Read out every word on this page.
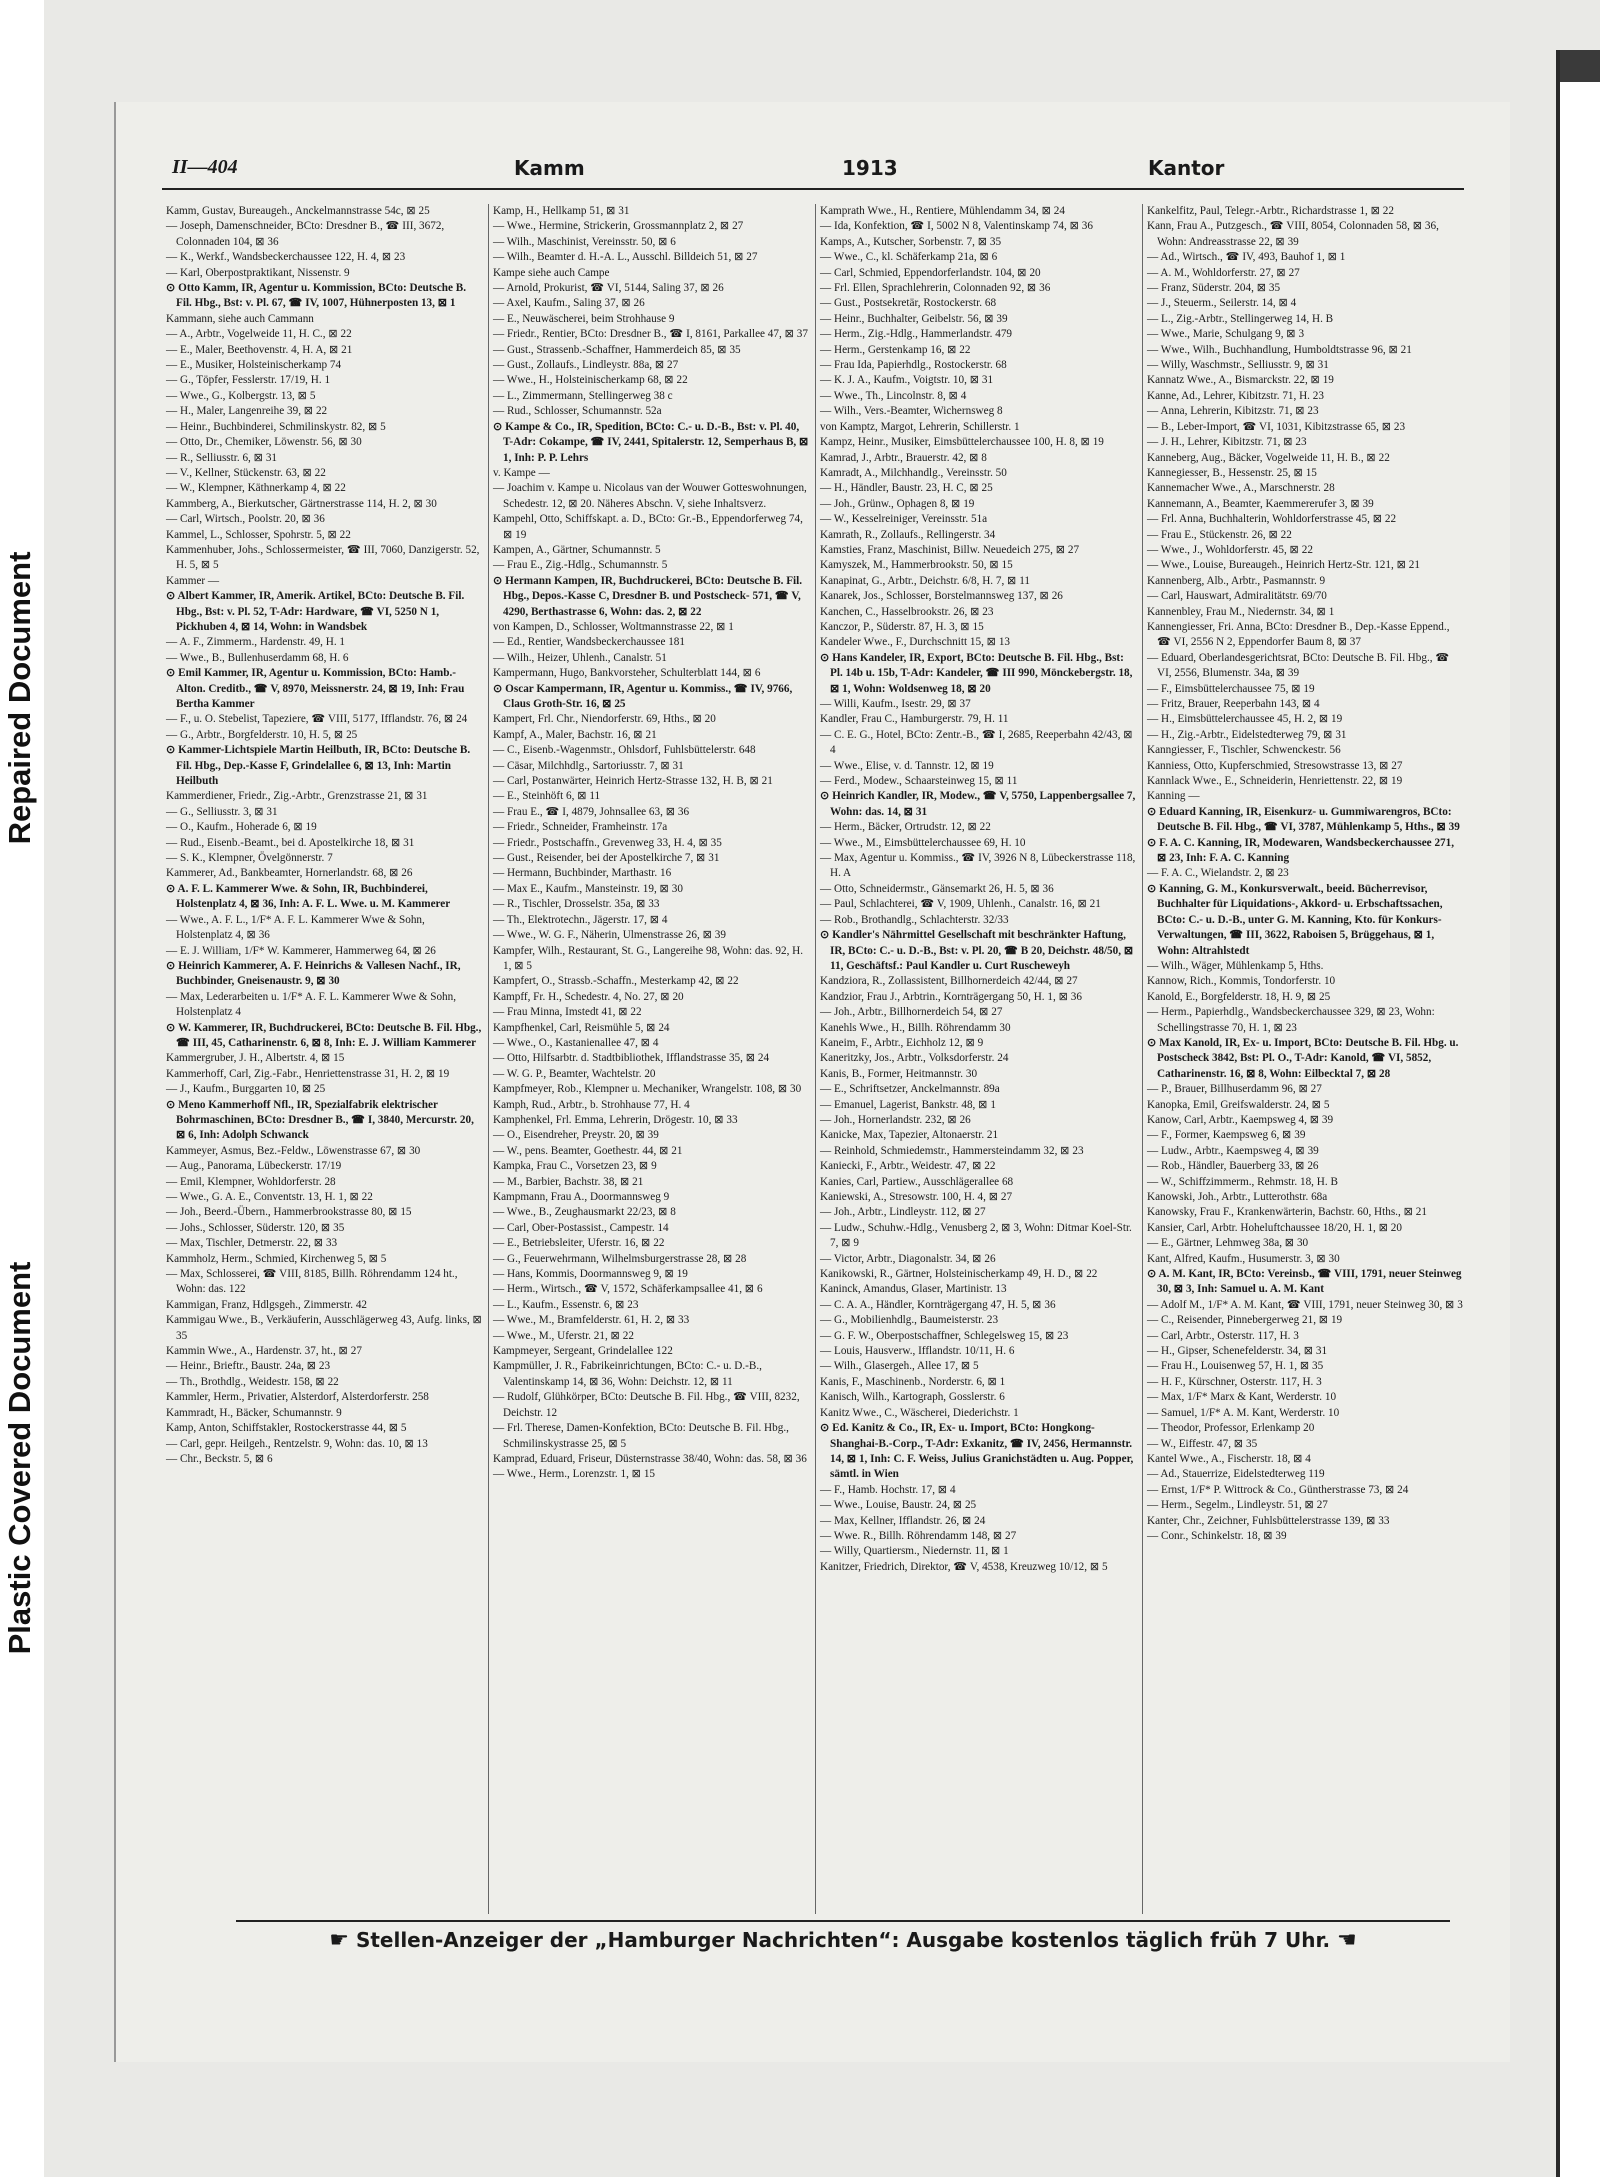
Repaired Document
Plastic Covered Document
II—404	Kamm	1913	Kantor

Kamm, Gustav, Bureaugeh., Anckelmannstrasse 54c, ⊠ 25

— Joseph, Damenschneider, BCto: Dresdner B., ☎ III, 3672, Colonnaden 104, ⊠ 36

— K., Werkf., Wandsbeckerchaussee 122, H. 4, ⊠ 23

— Karl, Oberpostpraktikant, Nissenstr. 9

⊙ Otto Kamm, IR, Agentur u. Kommission, BCto: Deutsche B. Fil. Hbg., Bst: v. Pl. 67, ☎ IV, 1007, Hühnerposten 13, ⊠ 1

Kammann, siehe auch Cammann

— A., Arbtr., Vogelweide 11, H. C., ⊠ 22

— E., Maler, Beethovenstr. 4, H. A, ⊠ 21

— E., Musiker, Holsteinischerkamp 74

— G., Töpfer, Fesslerstr. 17/19, H. 1

— Wwe., G., Kolbergstr. 13, ⊠ 5

— H., Maler, Langenreihe 39, ⊠ 22

— Heinr., Buchbinderei, Schmilinskystr. 82, ⊠ 5

— Otto, Dr., Chemiker, Löwenstr. 56, ⊠ 30

— R., Selliusstr. 6, ⊠ 31

— V., Kellner, Stückenstr. 63, ⊠ 22

— W., Klempner, Käthnerkamp 4, ⊠ 22

Kammberg, A., Bierkutscher, Gärtnerstrasse 114, H. 2, ⊠ 30

— Carl, Wirtsch., Poolstr. 20, ⊠ 36

Kammel, L., Schlosser, Spohrstr. 5, ⊠ 22

Kammenhuber, Johs., Schlossermeister, ☎ III, 7060, Danzigerstr. 52, H. 5, ⊠ 5

Kammer —

⊙ Albert Kammer, IR, Amerik. Artikel, BCto: Deutsche B. Fil. Hbg., Bst: v. Pl. 52, T-Adr: Hardware, ☎ VI, 5250 N 1, Pickhuben 4, ⊠ 14, Wohn: in Wandsbek

— A. F., Zimmerm., Hardenstr. 49, H. 1

— Wwe., B., Bullenhuserdamm 68, H. 6

⊙ Emil Kammer, IR, Agentur u. Kommission, BCto: Hamb.-Alton. Creditb., ☎ V, 8970, Meissnerstr. 24, ⊠ 19, Inh: Frau Bertha Kammer

— F., u. O. Stebelist, Tapeziere, ☎ VIII, 5177, Ifflandstr. 76, ⊠ 24

— G., Arbtr., Borgfelderstr. 10, H. 5, ⊠ 25

⊙ Kammer-Lichtspiele Martin Heilbuth, IR, BCto: Deutsche B. Fil. Hbg., Dep.-Kasse F, Grindelallee 6, ⊠ 13, Inh: Martin Heilbuth

Kammerdiener, Friedr., Zig.-Arbtr., Grenzstrasse 21, ⊠ 31

— G., Selliusstr. 3, ⊠ 31

— O., Kaufm., Hoherade 6, ⊠ 19

— Rud., Eisenb.-Beamt., bei d. Apostelkirche 18, ⊠ 31

— S. K., Klempner, Övelgönnerstr. 7

Kammerer, Ad., Bankbeamter, Hornerlandstr. 68, ⊠ 26

⊙ A. F. L. Kammerer Wwe. & Sohn, IR, Buchbinderei, Holstenplatz 4, ⊠ 36, Inh: A. F. L. Wwe. u. M. Kammerer

— Wwe., A. F. L., 1/F* A. F. L. Kammerer Wwe & Sohn, Holstenplatz 4, ⊠ 36

— E. J. William, 1/F* W. Kammerer, Hammerweg 64, ⊠ 26

⊙ Heinrich Kammerer, A. F. Heinrichs & Vallesen Nachf., IR, Buchbinder, Gneisenaustr. 9, ⊠ 30

— Max, Lederarbeiten u. 1/F* A. F. L. Kammerer Wwe & Sohn, Holstenplatz 4

⊙ W. Kammerer, IR, Buchdruckerei, BCto: Deutsche B. Fil. Hbg., ☎ III, 45, Catharinenstr. 6, ⊠ 8, Inh: E. J. William Kammerer

Kammergruber, J. H., Albertstr. 4, ⊠ 15

Kammerhoff, Carl, Zig.-Fabr., Henriettenstrasse 31, H. 2, ⊠ 19

— J., Kaufm., Burggarten 10, ⊠ 25

⊙ Meno Kammerhoff Nfl., IR, Spezialfabrik elektrischer Bohrmaschinen, BCto: Dresdner B., ☎ I, 3840, Mercurstr. 20, ⊠ 6, Inh: Adolph Schwanck

Kammeyer, Asmus, Bez.-Feldw., Löwenstrasse 67, ⊠ 30

— Aug., Panorama, Lübeckerstr. 17/19

— Emil, Klempner, Wohldorferstr. 28

— Wwe., G. A. E., Conventstr. 13, H. 1, ⊠ 22

— Joh., Beerd.-Übern., Hammerbrookstrasse 80, ⊠ 15

— Johs., Schlosser, Süderstr. 120, ⊠ 35

— Max, Tischler, Detmerstr. 22, ⊠ 33

Kammholz, Herm., Schmied, Kirchenweg 5, ⊠ 5

— Max, Schlosserei, ☎ VIII, 8185, Billh. Röhrendamm 124 ht., Wohn: das. 122

Kammigan, Franz, Hdlgsgeh., Zimmerstr. 42

Kammigau Wwe., B., Verkäuferin, Ausschlägerweg 43, Aufg. links, ⊠ 35

Kammin Wwe., A., Hardenstr. 37, ht., ⊠ 27

— Heinr., Brieftr., Baustr. 24a, ⊠ 23

— Th., Brothdlg., Weidestr. 158, ⊠ 22

Kammler, Herm., Privatier, Alsterdorf, Alsterdorferstr. 258

Kammradt, H., Bäcker, Schumannstr. 9

Kamp, Anton, Schiffstakler, Rostockerstrasse 44, ⊠ 5

— Carl, gepr. Heilgeh., Rentzelstr. 9, Wohn: das. 10, ⊠ 13

— Chr., Beckstr. 5, ⊠ 6

Kamp, H., Hellkamp 51, ⊠ 31

— Wwe., Hermine, Strickerin, Grossmannplatz 2, ⊠ 27

— Wilh., Maschinist, Vereinsstr. 50, ⊠ 6

— Wilh., Beamter d. H.-A. L., Ausschl. Billdeich 51, ⊠ 27

Kampe siehe auch Campe

— Arnold, Prokurist, ☎ VI, 5144, Saling 37, ⊠ 26

— Axel, Kaufm., Saling 37, ⊠ 26

— E., Neuwäscherei, beim Strohhause 9

— Friedr., Rentier, BCto: Dresdner B., ☎ I, 8161, Parkallee 47, ⊠ 37

— Gust., Strassenb.-Schaffner, Hammerdeich 85, ⊠ 35

— Gust., Zollaufs., Lindleystr. 88a, ⊠ 27

— Wwe., H., Holsteinischerkamp 68, ⊠ 22

— L., Zimmermann, Stellingerweg 38 c

— Rud., Schlosser, Schumannstr. 52a

⊙ Kampe & Co., IR, Spedition, BCto: C.- u. D.-B., Bst: v. Pl. 40, T-Adr: Cokampe, ☎ IV, 2441, Spitalerstr. 12, Semperhaus B, ⊠ 1, Inh: P. P. Lehrs

v. Kampe —

— Joachim v. Kampe u. Nicolaus van der Wouwer Gotteswohnungen, Schedestr. 12, ⊠ 20. Näheres Abschn. V, siehe Inhaltsverz.

Kampehl, Otto, Schiffskapt. a. D., BCto: Gr.-B., Eppendorferweg 74, ⊠ 19

Kampen, A., Gärtner, Schumannstr. 5

— Frau E., Zig.-Hdlg., Schumannstr. 5

⊙ Hermann Kampen, IR, Buchdruckerei, BCto: Deutsche B. Fil. Hbg., Depos.-Kasse C, Dresdner B. und Postscheck- 571, ☎ V, 4290, Berthastrasse 6, Wohn: das. 2, ⊠ 22

von Kampen, D., Schlosser, Woltmannstrasse 22, ⊠ 1

— Ed., Rentier, Wandsbeckerchaussee 181

— Wilh., Heizer, Uhlenh., Canalstr. 51

Kampermann, Hugo, Bankvorsteher, Schulterblatt 144, ⊠ 6

⊙ Oscar Kampermann, IR, Agentur u. Kommiss., ☎ IV, 9766, Claus Groth-Str. 16, ⊠ 25

Kampert, Frl. Chr., Niendorferstr. 69, Hths., ⊠ 20

Kampf, A., Maler, Bachstr. 16, ⊠ 21

— C., Eisenb.-Wagenmstr., Ohlsdorf, Fuhlsbüttelerstr. 648

— Cäsar, Milchhdlg., Sartoriusstr. 7, ⊠ 31

— Carl, Postanwärter, Heinrich Hertz-Strasse 132, H. B, ⊠ 21

— E., Steinhöft 6, ⊠ 11

— Frau E., ☎ I, 4879, Johnsallee 63, ⊠ 36

— Friedr., Schneider, Framheinstr. 17a

— Friedr., Postschaffn., Grevenweg 33, H. 4, ⊠ 35

— Gust., Reisender, bei der Apostelkirche 7, ⊠ 31

— Hermann, Buchbinder, Marthastr. 16

— Max E., Kaufm., Mansteinstr. 19, ⊠ 30

— R., Tischler, Drosselstr. 35a, ⊠ 33

— Th., Elektrotechn., Jägerstr. 17, ⊠ 4

— Wwe., W. G. F., Näherin, Ulmenstrasse 26, ⊠ 39

Kampfer, Wilh., Restaurant, St. G., Langereihe 98, Wohn: das. 92, H. 1, ⊠ 5

Kampfert, O., Strassb.-Schaffn., Mesterkamp 42, ⊠ 22

Kampff, Fr. H., Schedestr. 4, No. 27, ⊠ 20

— Frau Minna, Imstedt 41, ⊠ 22

Kampfhenkel, Carl, Reismühle 5, ⊠ 24

— Wwe., O., Kastanienallee 47, ⊠ 4

— Otto, Hilfsarbtr. d. Stadtbibliothek, Ifflandstrasse 35, ⊠ 24

— W. G. P., Beamter, Wachtelstr. 20

Kampfmeyer, Rob., Klempner u. Mechaniker, Wrangelstr. 108, ⊠ 30

Kamph, Rud., Arbtr., b. Strohhause 77, H. 4

Kamphenkel, Frl. Emma, Lehrerin, Drögestr. 10, ⊠ 33

— O., Eisendreher, Preystr. 20, ⊠ 39

— W., pens. Beamter, Goethestr. 44, ⊠ 21

Kampka, Frau C., Vorsetzen 23, ⊠ 9

— M., Barbier, Bachstr. 38, ⊠ 21

Kampmann, Frau A., Doormannsweg 9

— Wwe., B., Zeughausmarkt 22/23, ⊠ 8

— Carl, Ober-Postassist., Campestr. 14

— E., Betriebsleiter, Uferstr. 16, ⊠ 22

— G., Feuerwehrmann, Wilhelmsburgerstrasse 28, ⊠ 28

— Hans, Kommis, Doormannsweg 9, ⊠ 19

— Herm., Wirtsch., ☎ V, 1572, Schäferkampsallee 41, ⊠ 6

— L., Kaufm., Essenstr. 6, ⊠ 23

— Wwe., M., Bramfelderstr. 61, H. 2, ⊠ 33

— Wwe., M., Uferstr. 21, ⊠ 22

Kampmeyer, Sergeant, Grindelallee 122

Kampmüller, J. R., Fabrikeinrichtungen, BCto: C.- u. D.-B., Valentinskamp 14, ⊠ 36, Wohn: Deichstr. 12, ⊠ 11

— Rudolf, Glühkörper, BCto: Deutsche B. Fil. Hbg., ☎ VIII, 8232, Deichstr. 12

— Frl. Therese, Damen-Konfektion, BCto: Deutsche B. Fil. Hbg., Schmilinskystrasse 25, ⊠ 5

Kamprad, Eduard, Friseur, Düsternstrasse 38/40, Wohn: das. 58, ⊠ 36

— Wwe., Herm., Lorenzstr. 1, ⊠ 15

Kamprath Wwe., H., Rentiere, Mühlendamm 34, ⊠ 24

— Ida, Konfektion, ☎ I, 5002 N 8, Valentinskamp 74, ⊠ 36

Kamps, A., Kutscher, Sorbenstr. 7, ⊠ 35

— Wwe., C., kl. Schäferkamp 21a, ⊠ 6

— Carl, Schmied, Eppendorferlandstr. 104, ⊠ 20

— Frl. Ellen, Sprachlehrerin, Colonnaden 92, ⊠ 36

— Gust., Postsekretär, Rostockerstr. 68

— Heinr., Buchhalter, Geibelstr. 56, ⊠ 39

— Herm., Zig.-Hdlg., Hammerlandstr. 479

— Herm., Gerstenkamp 16, ⊠ 22

— Frau Ida, Papierhdlg., Rostockerstr. 68

— K. J. A., Kaufm., Voigtstr. 10, ⊠ 31

— Wwe., Th., Lincolnstr. 8, ⊠ 4

— Wilh., Vers.-Beamter, Wichernsweg 8

von Kamptz, Margot, Lehrerin, Schillerstr. 1

Kampz, Heinr., Musiker, Eimsbüttelerchaussee 100, H. 8, ⊠ 19

Kamrad, J., Arbtr., Brauerstr. 42, ⊠ 8

Kamradt, A., Milchhandlg., Vereinsstr. 50

— H., Händler, Baustr. 23, H. C, ⊠ 25

— Joh., Grünw., Ophagen 8, ⊠ 19

— W., Kesselreiniger, Vereinsstr. 51a

Kamrath, R., Zollaufs., Rellingerstr. 34

Kamsties, Franz, Maschinist, Billw. Neuedeich 275, ⊠ 27

Kamyszek, M., Hammerbrookstr. 50, ⊠ 15

Kanapinat, G., Arbtr., Deichstr. 6/8, H. 7, ⊠ 11

Kanarek, Jos., Schlosser, Borstelmannsweg 137, ⊠ 26

Kanchen, C., Hasselbrookstr. 26, ⊠ 23

Kanczor, P., Süderstr. 87, H. 3, ⊠ 15

Kandeler Wwe., F., Durchschnitt 15, ⊠ 13

⊙ Hans Kandeler, IR, Export, BCto: Deutsche B. Fil. Hbg., Bst: Pl. 14b u. 15b, T-Adr: Kandeler, ☎ III 990, Mönckebergstr. 18, ⊠ 1, Wohn: Woldsenweg 18, ⊠ 20

— Willi, Kaufm., Isestr. 29, ⊠ 37

Kandler, Frau C., Hamburgerstr. 79, H. 11

— C. E. G., Hotel, BCto: Zentr.-B., ☎ I, 2685, Reeperbahn 42/43, ⊠ 4

— Wwe., Elise, v. d. Tannstr. 12, ⊠ 19

— Ferd., Modew., Schaarsteinweg 15, ⊠ 11

⊙ Heinrich Kandler, IR, Modew., ☎ V, 5750, Lappenbergsallee 7, Wohn: das. 14, ⊠ 31

— Herm., Bäcker, Ortrudstr. 12, ⊠ 22

— Wwe., M., Eimsbüttelerchaussee 69, H. 10

— Max, Agentur u. Kommiss., ☎ IV, 3926 N 8, Lübeckerstrasse 118, H. A

— Otto, Schneidermstr., Gänsemarkt 26, H. 5, ⊠ 36

— Paul, Schlachterei, ☎ V, 1909, Uhlenh., Canalstr. 16, ⊠ 21

— Rob., Brothandlg., Schlachterstr. 32/33

⊙ Kandler's Nährmittel Gesellschaft mit beschränkter Haftung, IR, BCto: C.- u. D.-B., Bst: v. Pl. 20, ☎ B 20, Deichstr. 48/50, ⊠ 11, Geschäftsf.: Paul Kandler u. Curt Ruscheweyh

Kandziora, R., Zollassistent, Billhornerdeich 42/44, ⊠ 27

Kandzior, Frau J., Arbtrin., Kornträgergang 50, H. 1, ⊠ 36

— Joh., Arbtr., Billhornerdeich 54, ⊠ 27

Kanehls Wwe., H., Billh. Röhrendamm 30

Kaneim, F., Arbtr., Eichholz 12, ⊠ 9

Kaneritzky, Jos., Arbtr., Volksdorferstr. 24

Kanis, B., Former, Heitmannstr. 30

— E., Schriftsetzer, Anckelmannstr. 89a

— Emanuel, Lagerist, Bankstr. 48, ⊠ 1

— Joh., Hornerlandstr. 232, ⊠ 26

Kanicke, Max, Tapezier, Altonaerstr. 21

— Reinhold, Schmiedemstr., Hammersteindamm 32, ⊠ 23

Kaniecki, F., Arbtr., Weidestr. 47, ⊠ 22

Kanies, Carl, Partiew., Ausschlägerallee 68

Kaniewski, A., Stresowstr. 100, H. 4, ⊠ 27

— Joh., Arbtr., Lindleystr. 112, ⊠ 27

— Ludw., Schuhw.-Hdlg., Venusberg 2, ⊠ 3, Wohn: Ditmar Koel-Str. 7, ⊠ 9

— Victor, Arbtr., Diagonalstr. 34, ⊠ 26

Kanikowski, R., Gärtner, Holsteinischerkamp 49, H. D., ⊠ 22

Kaninck, Amandus, Glaser, Martinistr. 13

— C. A. A., Händler, Kornträgergang 47, H. 5, ⊠ 36

— G., Mobilienhdlg., Baumeisterstr. 23

— G. F. W., Oberpostschaffner, Schlegelsweg 15, ⊠ 23

— Louis, Hausverw., Ifflandstr. 10/11, H. 6

— Wilh., Glasergeh., Allee 17, ⊠ 5

Kanis, F., Maschinenb., Norderstr. 6, ⊠ 1

Kanisch, Wilh., Kartograph, Gosslerstr. 6

Kanitz Wwe., C., Wäscherei, Diederichstr. 1

⊙ Ed. Kanitz & Co., IR, Ex- u. Import, BCto: Hongkong-Shanghai-B.-Corp., T-Adr: Exkanitz, ☎ IV, 2456, Hermannstr. 14, ⊠ 1, Inh: C. F. Weiss, Julius Granichstädten u. Aug. Popper, sämtl. in Wien

— F., Hamb. Hochstr. 17, ⊠ 4

— Wwe., Louise, Baustr. 24, ⊠ 25

— Max, Kellner, Ifflandstr. 26, ⊠ 24

— Wwe. R., Billh. Röhrendamm 148, ⊠ 27

— Willy, Quartiersm., Niedernstr. 11, ⊠ 1

Kanitzer, Friedrich, Direktor, ☎ V, 4538, Kreuzweg 10/12, ⊠ 5

Kankelfitz, Paul, Telegr.-Arbtr., Richardstrasse 1, ⊠ 22

Kann, Frau A., Putzgesch., ☎ VIII, 8054, Colonnaden 58, ⊠ 36, Wohn: Andreasstrasse 22, ⊠ 39

— Ad., Wirtsch., ☎ IV, 493, Bauhof 1, ⊠ 1

— A. M., Wohldorferstr. 27, ⊠ 27

— Franz, Süderstr. 204, ⊠ 35

— J., Steuerm., Seilerstr. 14, ⊠ 4

— L., Zig.-Arbtr., Stellingerweg 14, H. B

— Wwe., Marie, Schulgang 9, ⊠ 3

— Wwe., Wilh., Buchhandlung, Humboldtstrasse 96, ⊠ 21

— Willy, Waschmstr., Selliusstr. 9, ⊠ 31

Kannatz Wwe., A., Bismarckstr. 22, ⊠ 19

Kanne, Ad., Lehrer, Kibitzstr. 71, H. 23

— Anna, Lehrerin, Kibitzstr. 71, ⊠ 23

— B., Leber-Import, ☎ VI, 1031, Kibitzstrasse 65, ⊠ 23

— J. H., Lehrer, Kibitzstr. 71, ⊠ 23

Kanneberg, Aug., Bäcker, Vogelweide 11, H. B., ⊠ 22

Kannegiesser, B., Hessenstr. 25, ⊠ 15

Kannemacher Wwe., A., Marschnerstr. 28

Kannemann, A., Beamter, Kaemmererufer 3, ⊠ 39

— Frl. Anna, Buchhalterin, Wohldorferstrasse 45, ⊠ 22

— Frau E., Stückenstr. 26, ⊠ 22

— Wwe., J., Wohldorferstr. 45, ⊠ 22

— Wwe., Louise, Bureaugeh., Heinrich Hertz-Str. 121, ⊠ 21

Kannenberg, Alb., Arbtr., Pasmannstr. 9

— Carl, Hauswart, Admiralitätstr. 69/70

Kannenbley, Frau M., Niedernstr. 34, ⊠ 1

Kannengiesser, Fri. Anna, BCto: Dresdner B., Dep.-Kasse Eppend., ☎ VI, 2556 N 2, Eppendorfer Baum 8, ⊠ 37

— Eduard, Oberlandesgerichtsrat, BCto: Deutsche B. Fil. Hbg., ☎ VI, 2556, Blumenstr. 34a, ⊠ 39

— F., Eimsbüttelerchaussee 75, ⊠ 19

— Fritz, Brauer, Reeperbahn 143, ⊠ 4

— H., Eimsbüttelerchaussee 45, H. 2, ⊠ 19

— H., Zig.-Arbtr., Eidelstedterweg 79, ⊠ 31

Kanngiesser, F., Tischler, Schwenckestr. 56

Kanniess, Otto, Kupferschmied, Stresowstrasse 13, ⊠ 27

Kannlack Wwe., E., Schneiderin, Henriettenstr. 22, ⊠ 19

Kanning —

⊙ Eduard Kanning, IR, Eisenkurz- u. Gummiwarengros, BCto: Deutsche B. Fil. Hbg., ☎ VI, 3787, Mühlenkamp 5, Hths., ⊠ 39

⊙ F. A. C. Kanning, IR, Modewaren, Wandsbeckerchaussee 271, ⊠ 23, Inh: F. A. C. Kanning

— F. A. C., Wielandstr. 2, ⊠ 23

⊙ Kanning, G. M., Konkursverwalt., beeid. Bücherrevisor, Buchhalter für Liquidations-, Akkord- u. Erbschaftssachen, BCto: C.- u. D.-B., unter G. M. Kanning, Kto. für Konkurs-Verwaltungen, ☎ III, 3622, Raboisen 5, Brüggehaus, ⊠ 1, Wohn: Altrahlstedt

— Wilh., Wäger, Mühlenkamp 5, Hths.

Kannow, Rich., Kommis, Tondorferstr. 10

Kanold, E., Borgfelderstr. 18, H. 9, ⊠ 25

— Herm., Papierhdlg., Wandsbeckerchaussee 329, ⊠ 23, Wohn: Schellingstrasse 70, H. 1, ⊠ 23

⊙ Max Kanold, IR, Ex- u. Import, BCto: Deutsche B. Fil. Hbg. u. Postscheck 3842, Bst: Pl. O., T-Adr: Kanold, ☎ VI, 5852, Catharinenstr. 16, ⊠ 8, Wohn: Eilbecktal 7, ⊠ 28

— P., Brauer, Billhuserdamm 96, ⊠ 27

Kanopka, Emil, Greifswalderstr. 24, ⊠ 5

Kanow, Carl, Arbtr., Kaempsweg 4, ⊠ 39

— F., Former, Kaempsweg 6, ⊠ 39

— Ludw., Arbtr., Kaempsweg 4, ⊠ 39

— Rob., Händler, Bauerberg 33, ⊠ 26

— W., Schiffzimmerm., Rehmstr. 18, H. B

Kanowski, Joh., Arbtr., Lutterothstr. 68a

Kanowsky, Frau F., Krankenwärterin, Bachstr. 60, Hths., ⊠ 21

Kansier, Carl, Arbtr. Hoheluftchaussee 18/20, H. 1, ⊠ 20

— E., Gärtner, Lehmweg 38a, ⊠ 30

Kant, Alfred, Kaufm., Husumerstr. 3, ⊠ 30

⊙ A. M. Kant, IR, BCto: Vereinsb., ☎ VIII, 1791, neuer Steinweg 30, ⊠ 3, Inh: Samuel u. A. M. Kant

— Adolf M., 1/F* A. M. Kant, ☎ VIII, 1791, neuer Steinweg 30, ⊠ 3

— C., Reisender, Pinnebergerweg 21, ⊠ 19

— Carl, Arbtr., Osterstr. 117, H. 3

— H., Gipser, Schenefelderstr. 34, ⊠ 31

— Frau H., Louisenweg 57, H. 1, ⊠ 35

— H. F., Kürschner, Osterstr. 117, H. 3

— Max, 1/F* Marx & Kant, Werderstr. 10

— Samuel, 1/F* A. M. Kant, Werderstr. 10

— Theodor, Professor, Erlenkamp 20

— W., Eiffestr. 47, ⊠ 35

Kantel Wwe., A., Fischerstr. 18, ⊠ 4

— Ad., Stauerrize, Eidelstedterweg 119

— Ernst, 1/F* P. Wittrock & Co., Güntherstrasse 73, ⊠ 24

— Herm., Segelm., Lindleystr. 51, ⊠ 27

Kanter, Chr., Zeichner, Fuhlsbüttelerstrasse 139, ⊠ 33

— Conr., Schinkelstr. 18, ⊠ 39

☛ Stellen-Anzeiger der „Hamburger Nachrichten“: Ausgabe kostenlos täglich früh 7 Uhr. ☚
